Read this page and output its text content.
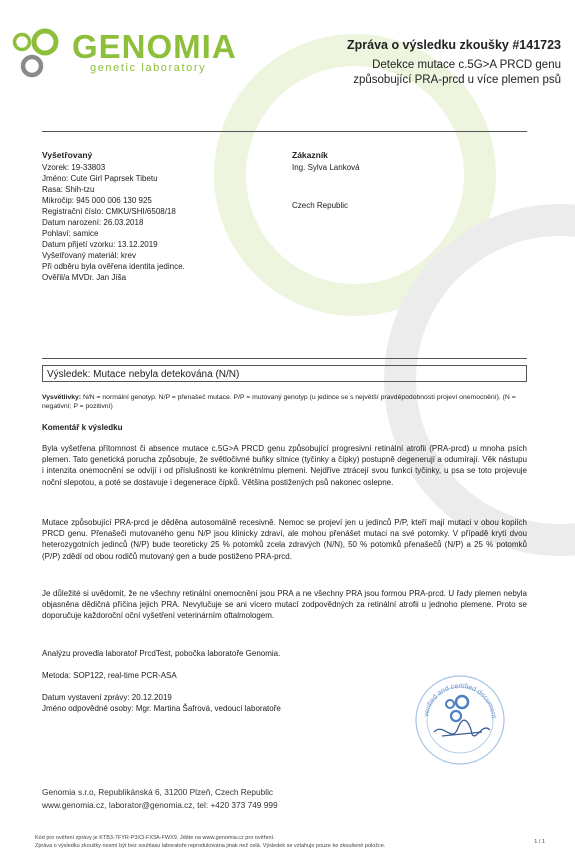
GENOMIA
genetic laboratory
Zpráva o výsledku zkoušky #141723
Detekce mutace c.5G>A PRCD genu
způsobující PRA-prcd u více plemen psů
Vyšetřovaný
Vzorek: 19-33803
Jméno: Cute Girl Paprsek Tibetu
Rasa: Shih-tzu
Mikročip: 945 000 006 130 925
Registrační číslo: CMKU/SHI/6508/18
Datum narození: 26.03.2018
Pohlaví: samice
Datum přijetí vzorku: 13.12.2019
Vyšetřovaný materiál: krev
Při odběru byla ověřena identita jedince.
Ověřil/a MVDr. Jan Jíša
Zákazník
Ing. Sylva Lanková
Czech Republic
Výsledek: Mutace nebyla detekována (N/N)
Vysvětlivky: N/N = normální genotyp. N/P = přenašeč mutace. P/P = mutovaný genotyp (u jedince se s největší pravděpodobností projeví onemocnění). (N = negativní; P = pozitivní)
Komentář k výsledku

Byla vyšetřena přítomnost či absence mutace c.5G>A PRCD genu způsobující progresivní retinální atrofii (PRA-prcd) u mnoha psích plemen. Tato genetická porucha způsobuje, že světločivné buňky sítnice (tyčinky a čípky) postupně degenerují a odumírají. Věk nástupu i intenzita onemocnění se odvíjí i od příslušnosti ke konkrétnímu plemeni. Nejdříve ztrácejí svou funkci tyčinky, u psa se toto projevuje noční slepotou, a poté se dostavuje i degenerace čípků. Většina postižených psů nakonec oslepne.

Mutace způsobující PRA-prcd je děděna autosomálně recesivně. Nemoc se projeví jen u jedinců P/P, kteří mají mutaci v obou kopiích PRCD genu. Přenašeči mutovaného genu N/P jsou klinicky zdraví, ale mohou přenášet mutaci na své potomky. V případě krytí dvou heterozygotních jedinců (N/P) bude teoreticky 25 % potomků zcela zdravých (N/N), 50 % potomků přenašečů (N/P) a 25 % potomků (P/P) zdědí od obou rodičů mutovaný gen a bude postiženo PRA-prcd.

Je důležité si uvědomit, že ne všechny retinální onemocnění jsou PRA a ne všechny PRA jsou formou PRA-prcd. U řady plemen nebyla objasněna dědičná příčina jejich PRA. Nevylučuje se ani vícero mutací zodpovědných za retinální atrofii u jednoho plemene. Proto se doporučuje každoroční oční vyšetření veterinárním oftalmologem.

Analýzu provedla laboratoř PrcdTest, pobočka laboratoře Genomia.
Metoda: SOP122, real-time PCR-ASA
Datum vystavení zprávy: 20.12.2019
Jméno odpovědné osoby: Mgr. Martina Šafrová, vedoucí laboratoře
verified and certified document
Genomia s.r.o, Republikánská 6, 31200 Plzeň, Czech Republic
www.genomia.cz, laborator@genomia.cz, tel: +420 373 749 999
Kód pro ověření zprávy je KTB3-7FYR-P3X3-FX3A-FWX9. Jděte na www.genomia.cz pro ověření.
Zpráva o výsledku zkoušky nesmí být bez souhlasu laboratoře reprodukována jinak než celá. Výsledek se vztahuje pouze ke zkoušené položce.
1 / 1
